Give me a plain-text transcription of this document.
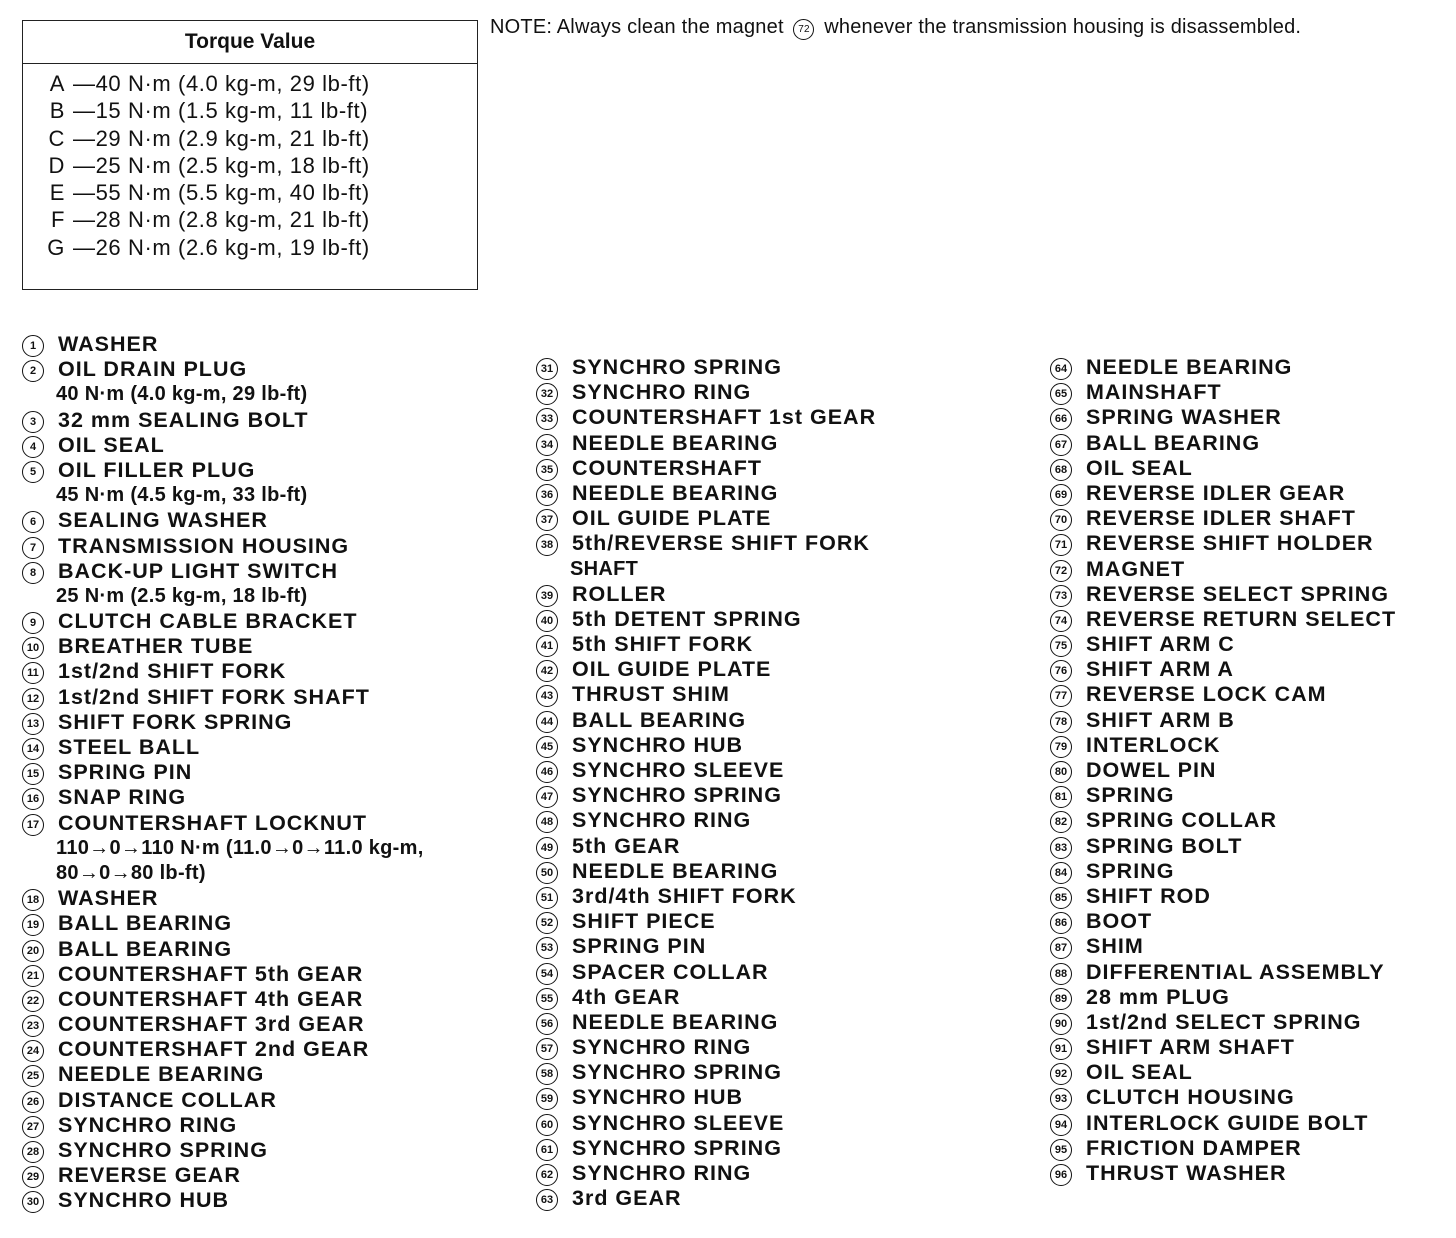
Torque Value
A —40 N·m (4.0 kg-m, 29 lb-ft)
B —15 N·m (1.5 kg-m, 11 lb-ft)
C —29 N·m (2.9 kg-m, 21 lb-ft)
D —25 N·m (2.5 kg-m, 18 lb-ft)
E —55 N·m (5.5 kg-m, 40 lb-ft)
F —28 N·m (2.8 kg-m, 21 lb-ft)
G —26 N·m (2.6 kg-m, 19 lb-ft)
NOTE: Always clean the magnet 72 whenever the transmission housing is disassembled.
1 WASHER
2 OIL DRAIN PLUG
40 N·m (4.0 kg-m, 29 lb-ft)
3 32 mm SEALING BOLT
4 OIL SEAL
5 OIL FILLER PLUG
45 N·m (4.5 kg-m, 33 lb-ft)
6 SEALING WASHER
7 TRANSMISSION HOUSING
8 BACK-UP LIGHT SWITCH
25 N·m (2.5 kg-m, 18 lb-ft)
9 CLUTCH CABLE BRACKET
10 BREATHER TUBE
11 1st/2nd SHIFT FORK
12 1st/2nd SHIFT FORK SHAFT
13 SHIFT FORK SPRING
14 STEEL BALL
15 SPRING PIN
16 SNAP RING
17 COUNTERSHAFT LOCKNUT
110→0→110 N·m (11.0→0→11.0 kg-m,
80→0→80 lb-ft)
18 WASHER
19 BALL BEARING
20 BALL BEARING
21 COUNTERSHAFT 5th GEAR
22 COUNTERSHAFT 4th GEAR
23 COUNTERSHAFT 3rd GEAR
24 COUNTERSHAFT 2nd GEAR
25 NEEDLE BEARING
26 DISTANCE COLLAR
27 SYNCHRO RING
28 SYNCHRO SPRING
29 REVERSE GEAR
30 SYNCHRO HUB
31 SYNCHRO SPRING
32 SYNCHRO RING
33 COUNTERSHAFT 1st GEAR
34 NEEDLE BEARING
35 COUNTERSHAFT
36 NEEDLE BEARING
37 OIL GUIDE PLATE
38 5th/REVERSE SHIFT FORK
SHAFT
39 ROLLER
40 5th DETENT SPRING
41 5th SHIFT FORK
42 OIL GUIDE PLATE
43 THRUST SHIM
44 BALL BEARING
45 SYNCHRO HUB
46 SYNCHRO SLEEVE
47 SYNCHRO SPRING
48 SYNCHRO RING
49 5th GEAR
50 NEEDLE BEARING
51 3rd/4th SHIFT FORK
52 SHIFT PIECE
53 SPRING PIN
54 SPACER COLLAR
55 4th GEAR
56 NEEDLE BEARING
57 SYNCHRO RING
58 SYNCHRO SPRING
59 SYNCHRO HUB
60 SYNCHRO SLEEVE
61 SYNCHRO SPRING
62 SYNCHRO RING
63 3rd GEAR
64 NEEDLE BEARING
65 MAINSHAFT
66 SPRING WASHER
67 BALL BEARING
68 OIL SEAL
69 REVERSE IDLER GEAR
70 REVERSE IDLER SHAFT
71 REVERSE SHIFT HOLDER
72 MAGNET
73 REVERSE SELECT SPRING
74 REVERSE RETURN SELECT
75 SHIFT ARM C
76 SHIFT ARM A
77 REVERSE LOCK CAM
78 SHIFT ARM B
79 INTERLOCK
80 DOWEL PIN
81 SPRING
82 SPRING COLLAR
83 SPRING BOLT
84 SPRING
85 SHIFT ROD
86 BOOT
87 SHIM
88 DIFFERENTIAL ASSEMBLY
89 28 mm PLUG
90 1st/2nd SELECT SPRING
91 SHIFT ARM SHAFT
92 OIL SEAL
93 CLUTCH HOUSING
94 INTERLOCK GUIDE BOLT
95 FRICTION DAMPER
96 THRUST WASHER
